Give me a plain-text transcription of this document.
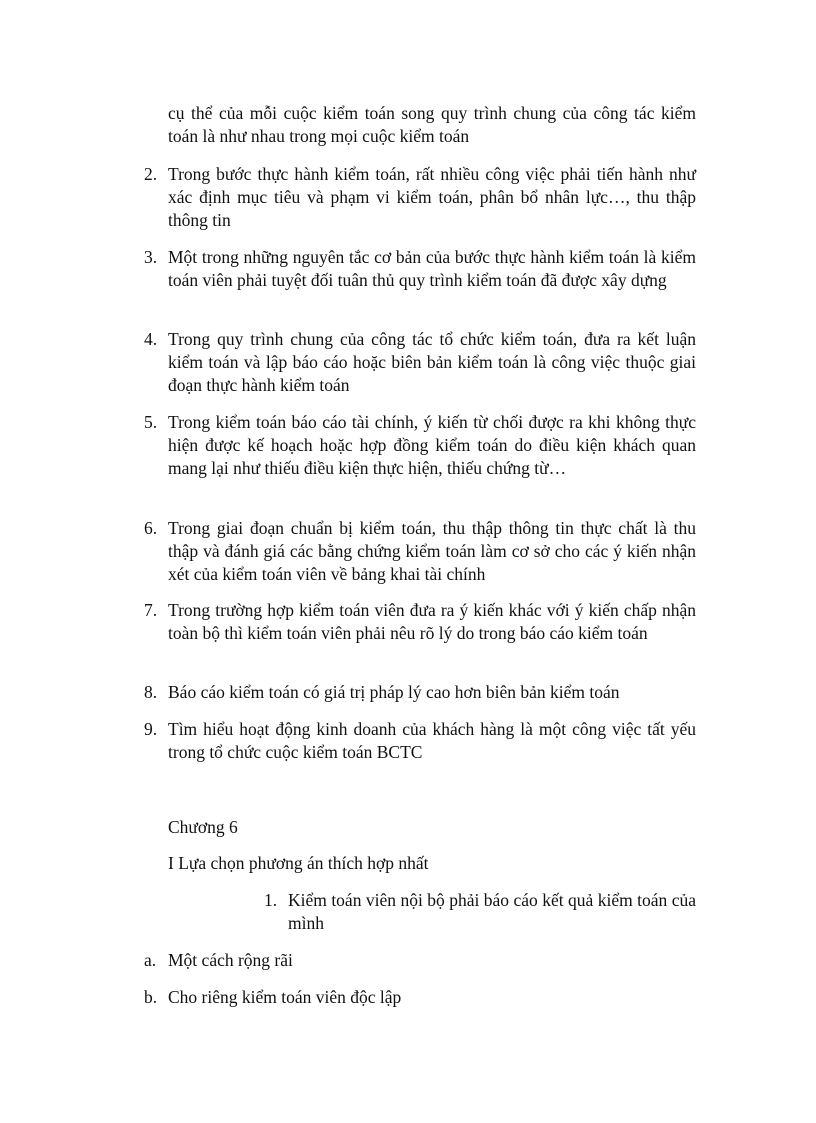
cụ thể của mỗi cuộc kiểm toán song quy trình chung của công tác kiểm toán là như nhau trong mọi cuộc kiểm toán
2. Trong bước thực hành kiểm toán, rất nhiều công việc phải tiến hành như xác định mục tiêu và phạm vi kiểm toán, phân bổ nhân lực…, thu thập thông tin
3. Một trong những nguyên tắc cơ bản của bước thực hành kiểm toán là kiểm toán viên phải tuyệt đối tuân thủ quy trình kiểm toán đã được xây dựng
4. Trong quy trình chung của công tác tổ chức kiểm toán, đưa ra kết luận kiểm toán và lập báo cáo hoặc biên bản kiểm toán là công việc thuộc giai đoạn thực hành kiểm toán
5. Trong kiểm toán báo cáo tài chính, ý kiến từ chối được ra khi không thực hiện được kế hoạch hoặc hợp đồng kiểm toán do điều kiện khách quan mang lại như thiếu điều kiện thực hiện, thiếu chứng từ…
6. Trong giai đoạn chuẩn bị kiểm toán, thu thập thông tin thực chất là thu thập và đánh giá các bằng chứng kiểm toán làm cơ sở cho các ý kiến nhận xét của kiểm toán viên về bảng khai tài chính
7. Trong trường hợp kiểm toán viên đưa ra ý kiến khác với ý kiến chấp nhận toàn bộ thì kiểm toán viên phải nêu rõ lý do trong báo cáo kiểm toán
8. Báo cáo kiểm toán có giá trị pháp lý cao hơn biên bản kiểm toán
9. Tìm hiểu hoạt động kinh doanh của khách hàng là một công việc tất yếu trong tổ chức cuộc kiểm toán BCTC
Chương 6
I Lựa chọn phương án thích hợp nhất
1. Kiểm toán viên nội bộ phải báo cáo kết quả kiểm toán của mình
a. Một cách rộng rãi
b. Cho riêng kiểm toán viên độc lập
